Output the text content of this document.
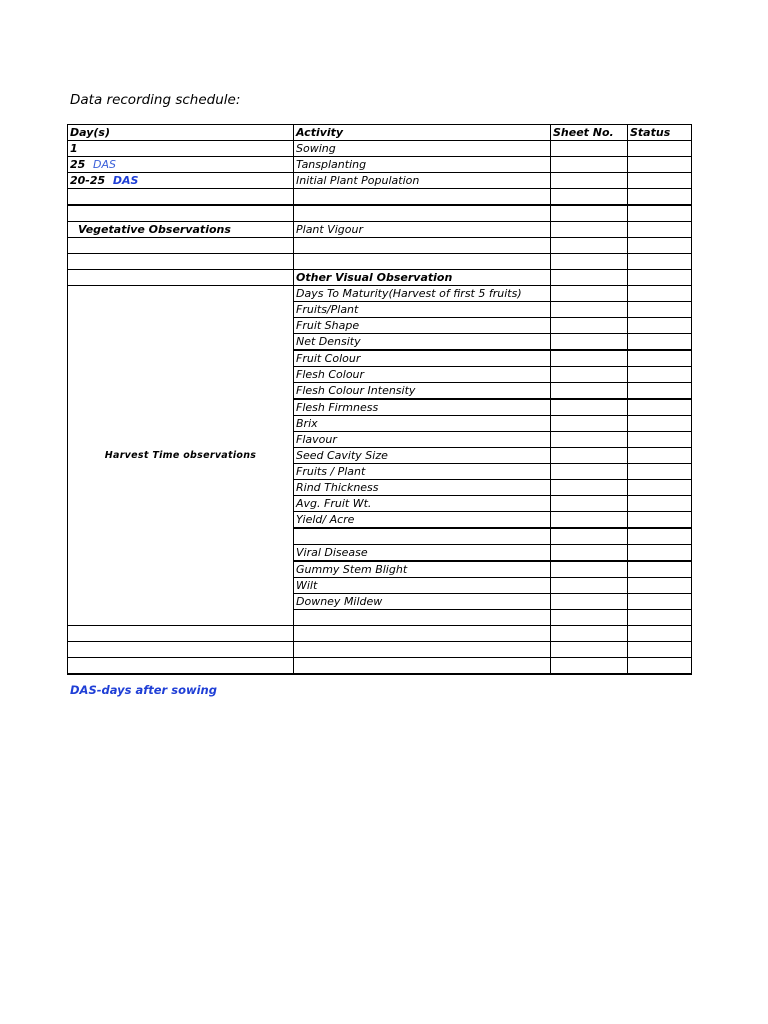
Data recording schedule:
Day(s)	Activity	Sheet No.	Status
1	Sowing		
25 DAS	Tansplanting		
20-25 DAS	Initial Plant Population		

Vegetative Observations	Plant Vigour		

	Other Visual Observation		
Harvest Time observations	Days To Maturity(Harvest of first 5 fruits)		
	Fruits/Plant		
	Fruit Shape		
	Net Density		
	Fruit Colour		
	Flesh Colour		
	Flesh Colour Intensity		
	Flesh Firmness		
	Brix		
	Flavour		
	Seed Cavity Size		
	Fruits / Plant		
	Rind Thickness		
	Avg. Fruit Wt.		
	Yield/ Acre		

	Viral Disease		
	Gummy Stem Blight		
	Wilt		
	Downey Mildew		

DAS-days after sowing
